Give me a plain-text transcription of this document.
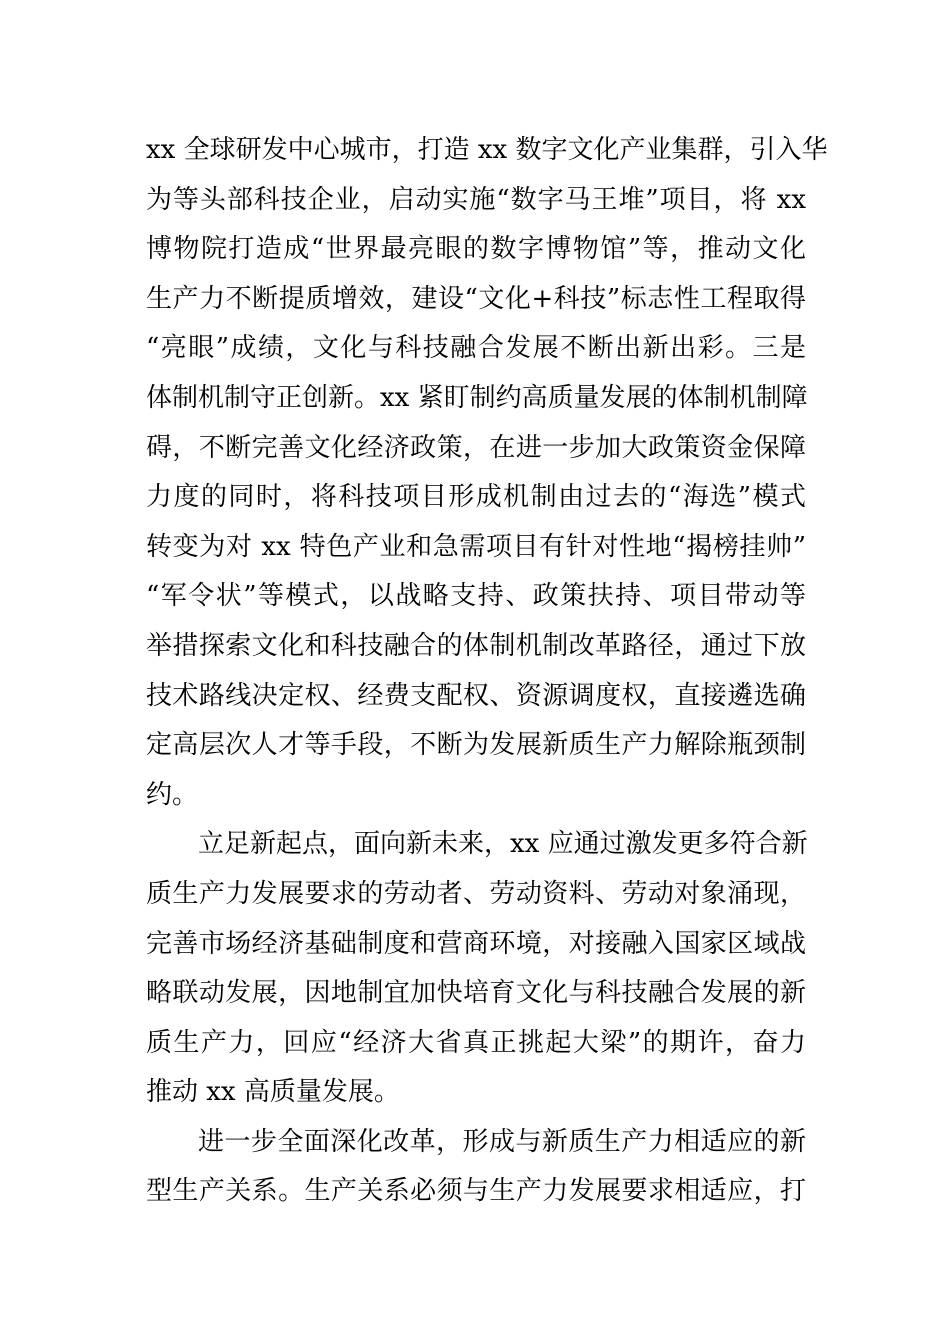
xx 全球研发中心城市，打造 xx 数字文化产业集群，引入华
为等头部科技企业，启动实施“数字马王堆”项目，将 xx
博物院打造成“世界最亮眼的数字博物馆”等，推动文化
生产力不断提质增效，建设“文化+科技”标志性工程取得
“亮眼”成绩，文化与科技融合发展不断出新出彩。三是
体制机制守正创新。xx 紧盯制约高质量发展的体制机制障
碍，不断完善文化经济政策，在进一步加大政策资金保障
力度的同时，将科技项目形成机制由过去的“海选”模式
转变为对 xx 特色产业和急需项目有针对性地“揭榜挂帅”
“军令状”等模式，以战略支持、政策扶持、项目带动等
举措探索文化和科技融合的体制机制改革路径，通过下放
技术路线决定权、经费支配权、资源调度权，直接遴选确
定高层次人才等手段，不断为发展新质生产力解除瓶颈制
约。
立足新起点，面向新未来，xx 应通过激发更多符合新
质生产力发展要求的劳动者、劳动资料、劳动对象涌现，
完善市场经济基础制度和营商环境，对接融入国家区域战
略联动发展，因地制宜加快培育文化与科技融合发展的新
质生产力，回应“经济大省真正挑起大梁”的期许，奋力
推动 xx 高质量发展。
进一步全面深化改革，形成与新质生产力相适应的新
型生产关系。生产关系必须与生产力发展要求相适应，打
